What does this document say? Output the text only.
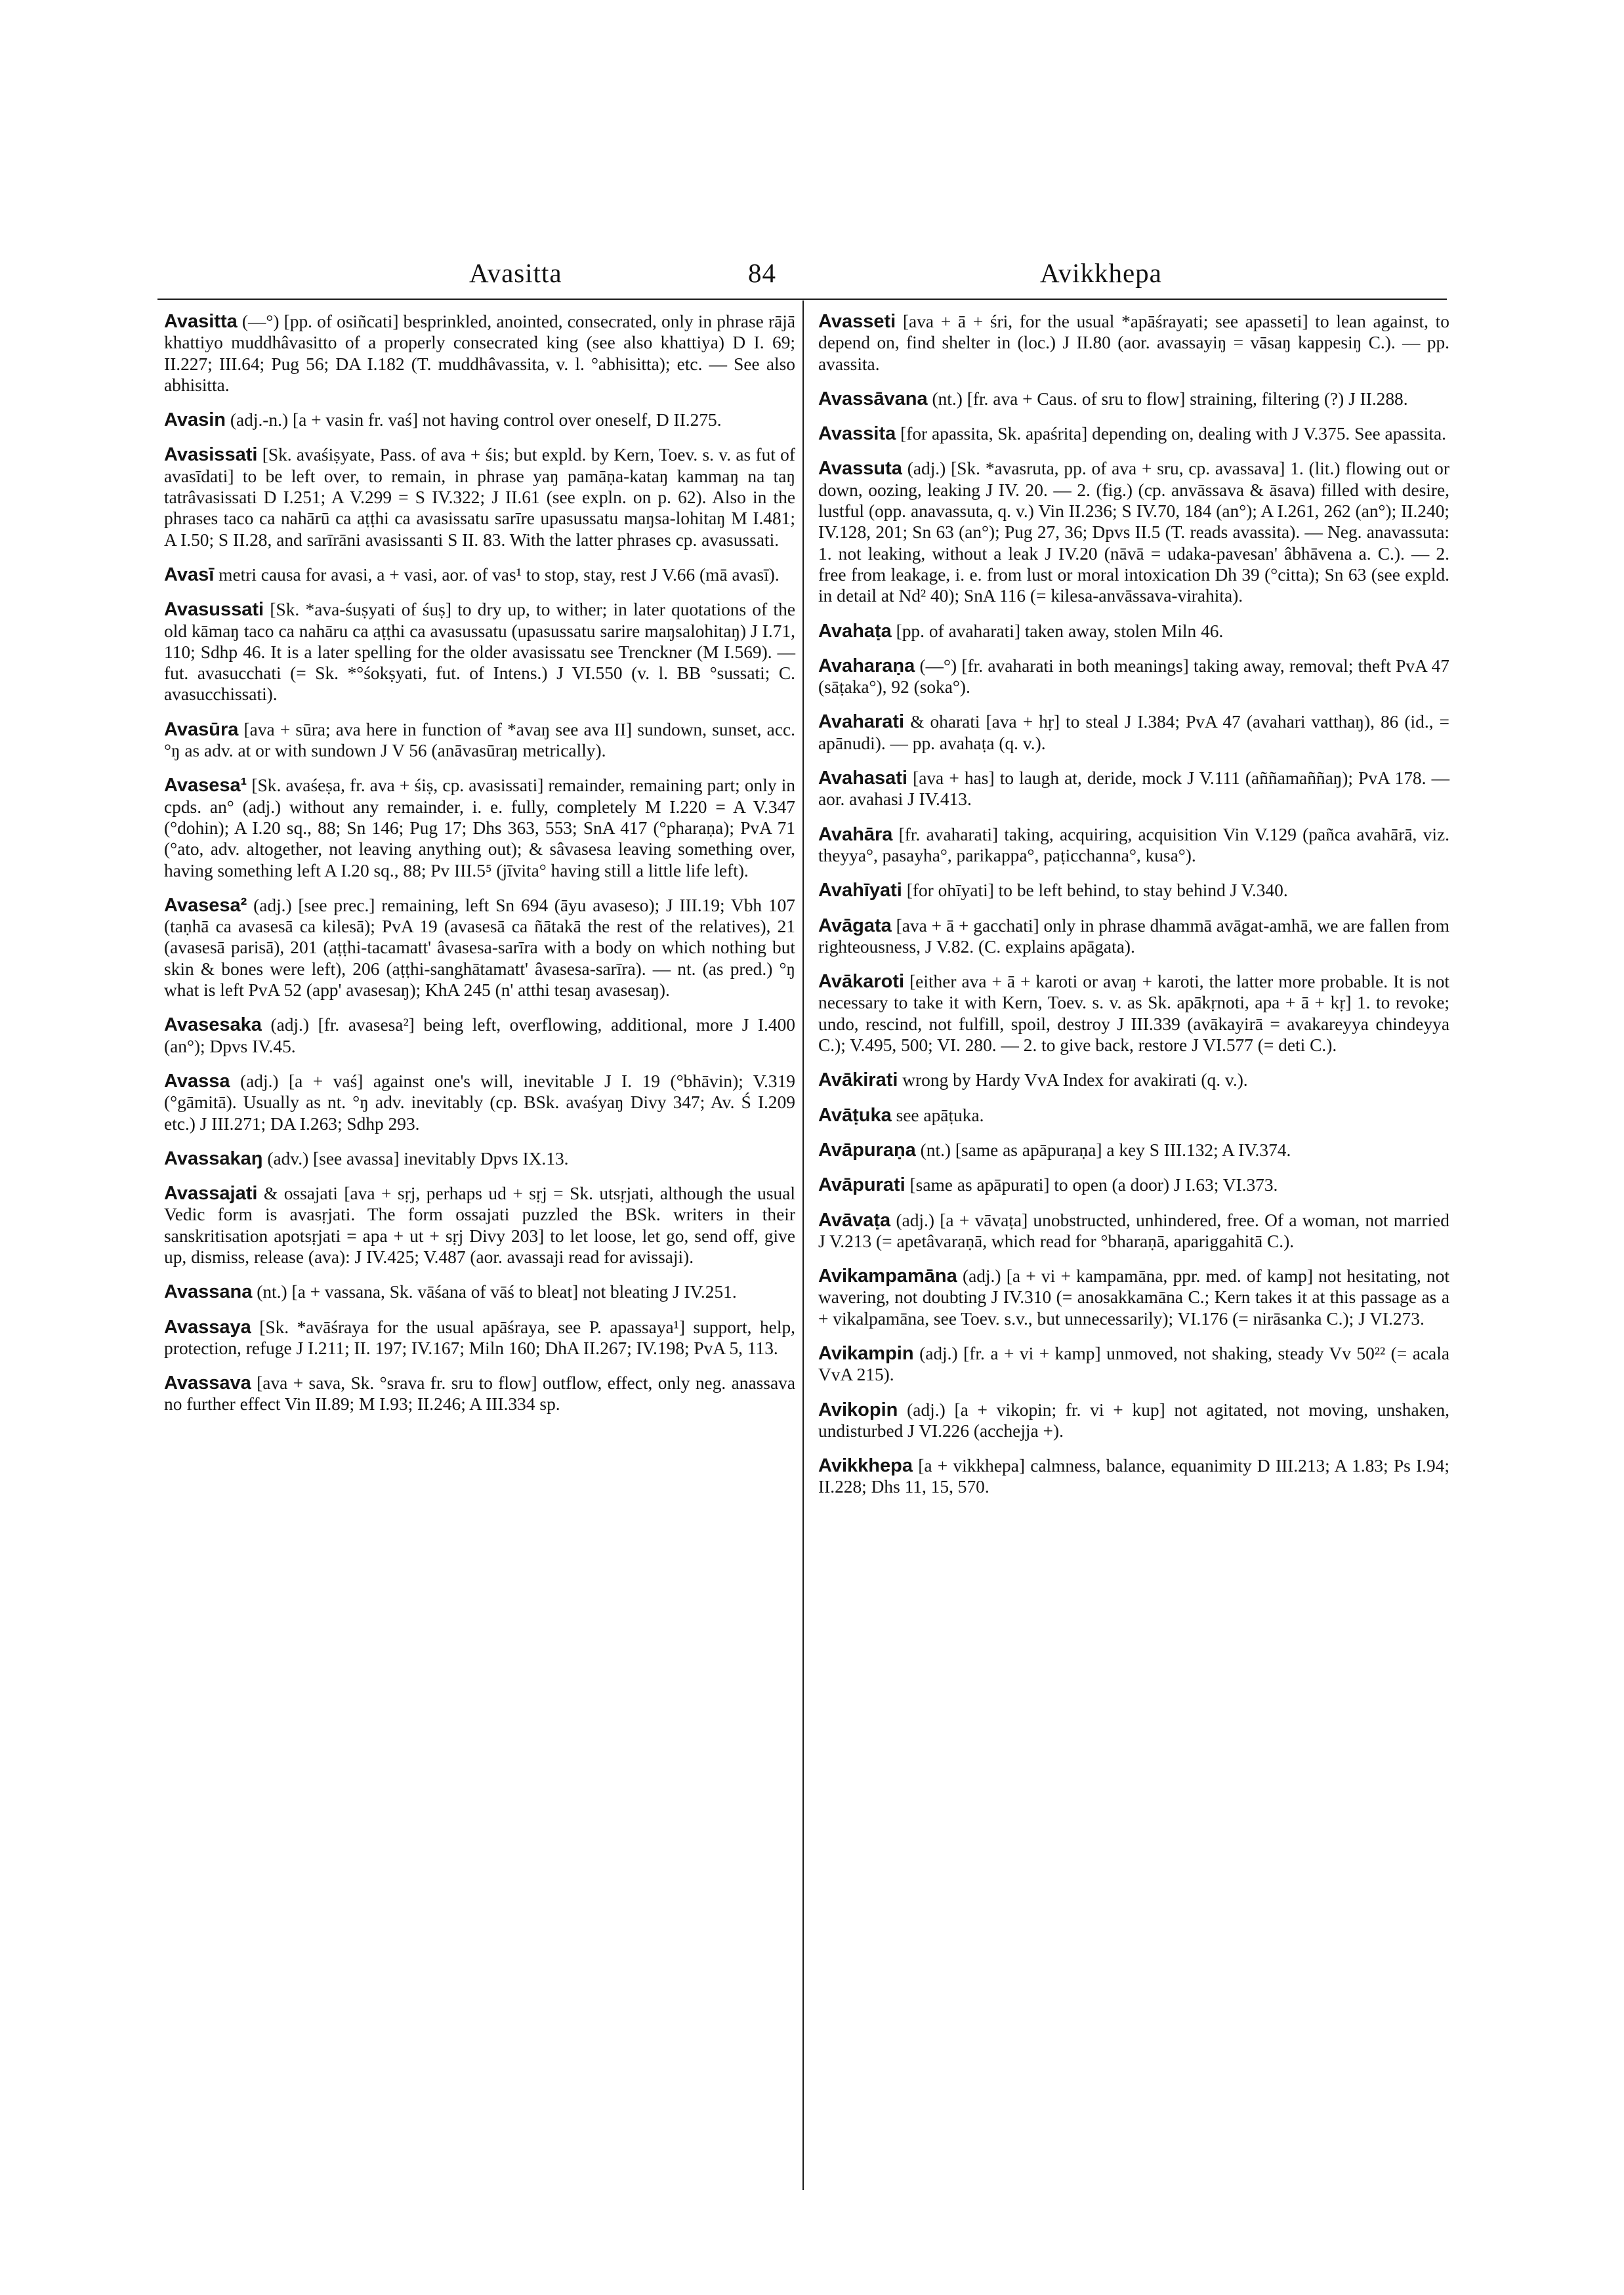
Avasitta	84	Avikkhepa

Avasitta (—°) [pp. of osiñcati] besprinkled, anointed, consecrated, only in phrase rājā khattiyo muddhâvasitto of a properly consecrated king (see also khattiya) D I. 69; II.227; III.64; Pug 56; DA I.182 (T. muddhâvassita, v. l. °abhisitta); etc. — See also abhisitta.

Avasin (adj.-n.) [a + vasin fr. vaś] not having control over oneself, D II.275.

Avasissati [Sk. avaśiṣyate, Pass. of ava + śis; but expld. by Kern, Toev. s. v. as fut of avasīdati] to be left over, to remain, in phrase yaŋ pamāṇa-kataŋ kammaŋ na taŋ tatrâvasissati D I.251; A V.299 = S IV.322; J II.61 (see expln. on p. 62). Also in the phrases taco ca nahārū ca aṭṭhi ca avasissatu sarīre upasussatu maŋsa-lohitaŋ M I.481; A I.50; S II.28, and sarīrāni avasissanti S II. 83. With the latter phrases cp. avasussati.

Avasī metri causa for avasi, a + vasi, aor. of vas¹ to stop, stay, rest J V.66 (mā avasī).

Avasussati [Sk. *ava-śuṣyati of śuṣ] to dry up, to wither; in later quotations of the old kāmaŋ taco ca nahāru ca aṭṭhi ca avasussatu (upasussatu sarire maŋsalohitaŋ) J I.71, 110; Sdhp 46. It is a later spelling for the older avasissatu see Trenckner (M I.569). — fut. avasucchati (= Sk. *°śokṣyati, fut. of Intens.) J VI.550 (v. l. BB °sussati; C. avasucchissati).

Avasūra [ava + sūra; ava here in function of *avaŋ see ava II] sundown, sunset, acc. °ŋ as adv. at or with sundown J V 56 (anāvasūraŋ metrically).

Avasesa¹ [Sk. avaśeṣa, fr. ava + śiṣ, cp. avasissati] remainder, remaining part; only in cpds. an° (adj.) without any remainder, i. e. fully, completely M I.220 = A V.347 (°dohin); A I.20 sq., 88; Sn 146; Pug 17; Dhs 363, 553; SnA 417 (°pharaṇa); PvA 71 (°ato, adv. altogether, not leaving anything out); & sâvasesa leaving something over, having something left A I.20 sq., 88; Pv III.5⁵ (jīvita° having still a little life left).

Avasesa² (adj.) [see prec.] remaining, left Sn 694 (āyu avaseso); J III.19; Vbh 107 (taṇhā ca avasesā ca kilesā); PvA 19 (avasesā ca ñātakā the rest of the relatives), 21 (avasesā parisā), 201 (aṭṭhi-tacamatt' âvasesa-sarīra with a body on which nothing but skin & bones were left), 206 (aṭṭhi-sanghātamatt' âvasesa-sarīra). — nt. (as pred.) °ŋ what is left PvA 52 (app' avasesaŋ); KhA 245 (n' atthi tesaŋ avasesaŋ).

Avasesaka (adj.) [fr. avasesa²] being left, overflowing, additional, more J I.400 (an°); Dpvs IV.45.

Avassa (adj.) [a + vaś] against one's will, inevitable J I. 19 (°bhāvin); V.319 (°gāmitā). Usually as nt. °ŋ adv. inevitably (cp. BSk. avaśyaŋ Divy 347; Av. Ś I.209 etc.) J III.271; DA I.263; Sdhp 293.

Avassakaŋ (adv.) [see avassa] inevitably Dpvs IX.13.

Avassajati & ossajati [ava + sṛj, perhaps ud + sṛj = Sk. utsṛjati, although the usual Vedic form is avasṛjati. The form ossajati puzzled the BSk. writers in their sanskritisation apotsṛjati = apa + ut + sṛj Divy 203] to let loose, let go, send off, give up, dismiss, release (ava): J IV.425; V.487 (aor. avassaji read for avissaji).

Avassana (nt.) [a + vassana, Sk. vāśana of vāś to bleat] not bleating J IV.251.

Avassaya [Sk. *avāśraya for the usual apāśraya, see P. apassaya¹] support, help, protection, refuge J I.211; II. 197; IV.167; Miln 160; DhA II.267; IV.198; PvA 5, 113.

Avassava [ava + sava, Sk. °srava fr. sru to flow] outflow, effect, only neg. anassava no further effect Vin II.89; M I.93; II.246; A III.334 sp.

Avasseti [ava + ā + śri, for the usual *apāśrayati; see apasseti] to lean against, to depend on, find shelter in (loc.) J II.80 (aor. avassayiŋ = vāsaŋ kappesiŋ C.). — pp. avassita.

Avassāvana (nt.) [fr. ava + Caus. of sru to flow] straining, filtering (?) J II.288.

Avassita [for apassita, Sk. apaśrita] depending on, dealing with J V.375. See apassita.

Avassuta (adj.) [Sk. *avasruta, pp. of ava + sru, cp. avassava] 1. (lit.) flowing out or down, oozing, leaking J IV. 20. — 2. (fig.) (cp. anvāssava & āsava) filled with desire, lustful (opp. anavassuta, q. v.) Vin II.236; S IV.70, 184 (an°); A I.261, 262 (an°); II.240; IV.128, 201; Sn 63 (an°); Pug 27, 36; Dpvs II.5 (T. reads avassita). — Neg. anavassuta: 1. not leaking, without a leak J IV.20 (nāvā = udaka-pavesan' âbhāvena a. C.). — 2. free from leakage, i. e. from lust or moral intoxication Dh 39 (°citta); Sn 63 (see expld. in detail at Nd² 40); SnA 116 (= kilesa-anvāssava-virahita).

Avahaṭa [pp. of avaharati] taken away, stolen Miln 46.

Avaharaṇa (—°) [fr. avaharati in both meanings] taking away, removal; theft PvA 47 (sāṭaka°), 92 (soka°).

Avaharati & oharati [ava + hṛ] to steal J I.384; PvA 47 (avahari vatthaŋ), 86 (id., = apānudi). — pp. avahaṭa (q. v.).

Avahasati [ava + has] to laugh at, deride, mock J V.111 (aññamaññaŋ); PvA 178. — aor. avahasi J IV.413.

Avahāra [fr. avaharati] taking, acquiring, acquisition Vin V.129 (pañca avahārā, viz. theyya°, pasayha°, parikappa°, paṭicchanna°, kusa°).

Avahīyati [for ohīyati] to be left behind, to stay behind J V.340.

Avāgata [ava + ā + gacchati] only in phrase dhammā avāgat-amhā, we are fallen from righteousness, J V.82. (C. explains apāgata).

Avākaroti [either ava + ā + karoti or avaŋ + karoti, the latter more probable. It is not necessary to take it with Kern, Toev. s. v. as Sk. apākṛnoti, apa + ā + kṛ] 1. to revoke; undo, rescind, not fulfill, spoil, destroy J III.339 (avākayirā = avakareyya chindeyya C.); V.495, 500; VI. 280. — 2. to give back, restore J VI.577 (= deti C.).

Avākirati wrong by Hardy VvA Index for avakirati (q. v.).

Avāṭuka see apāṭuka.

Avāpuraṇa (nt.) [same as apāpuraṇa] a key S III.132; A IV.374.

Avāpurati [same as apāpurati] to open (a door) J I.63; VI.373.

Avāvaṭa (adj.) [a + vāvaṭa] unobstructed, unhindered, free. Of a woman, not married J V.213 (= apetâvaraṇā, which read for °bharaṇā, apariggahitā C.).

Avikampamāna (adj.) [a + vi + kampamāna, ppr. med. of kamp] not hesitating, not wavering, not doubting J IV.310 (= anosakkamāna C.; Kern takes it at this passage as a + vikalpamāna, see Toev. s.v., but unnecessarily); VI.176 (= nirāsanka C.); J VI.273.

Avikampin (adj.) [fr. a + vi + kamp] unmoved, not shaking, steady Vv 50²² (= acala VvA 215).

Avikopin (adj.) [a + vikopin; fr. vi + kup] not agitated, not moving, unshaken, undisturbed J VI.226 (acchejja +).

Avikkhepa [a + vikkhepa] calmness, balance, equanimity D III.213; A 1.83; Ps I.94; II.228; Dhs 11, 15, 570.
